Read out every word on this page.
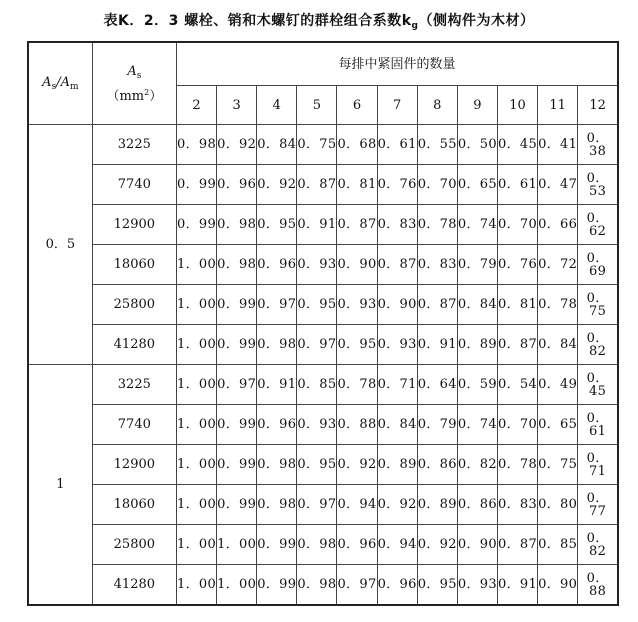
表K．2．3 螺栓、销和木螺钉的群栓组合系数$k_g$（侧构件为木材）
$A_s/A_m$	$A_s$
$(mm^2)$	每排中紧固件的数量										
		2	3	4	5	6	7	8	9	10	11	12
0．5	3225	0．98	0．92	0．84	0．75	0．68	0．61	0．55	0．50	0．45	0．41	0．38
	7740	0．99	0．96	0．92	0．87	0．81	0．76	0．70	0．65	0．61	0．47	0．53
	12900	0．99	0．98	0．95	0．91	0．87	0．83	0．78	0．74	0．70	0．66	0．62
	18060	1．00	0．98	0．96	0．93	0．90	0．87	0．83	0．79	0．76	0．72	0．69
	25800	1．00	0．99	0．97	0．95	0．93	0．90	0．87	0．84	0．81	0．78	0．75
	41280	1．00	0．99	0．98	0．97	0．95	0．93	0．91	0．89	0．87	0．84	0．82
1	3225	1．00	0．97	0．91	0．85	0．78	0．71	0．64	0．59	0．54	0．49	0．45
	7740	1．00	0．99	0．96	0．93	0．88	0．84	0．79	0．74	0．70	0．65	0．61
	12900	1．00	0．99	0．98	0．95	0．92	0．89	0．86	0．82	0．78	0．75	0．71
	18060	1．00	0．99	0．98	0．97	0．94	0．92	0．89	0．86	0．83	0．80	0．77
	25800	1．00	1．00	0．99	0．98	0．96	0．94	0．92	0．90	0．87	0．85	0．82
	41280	1．00	1．00	0．99	0．98	0．97	0．96	0．95	0．93	0．91	0．90	0．88
